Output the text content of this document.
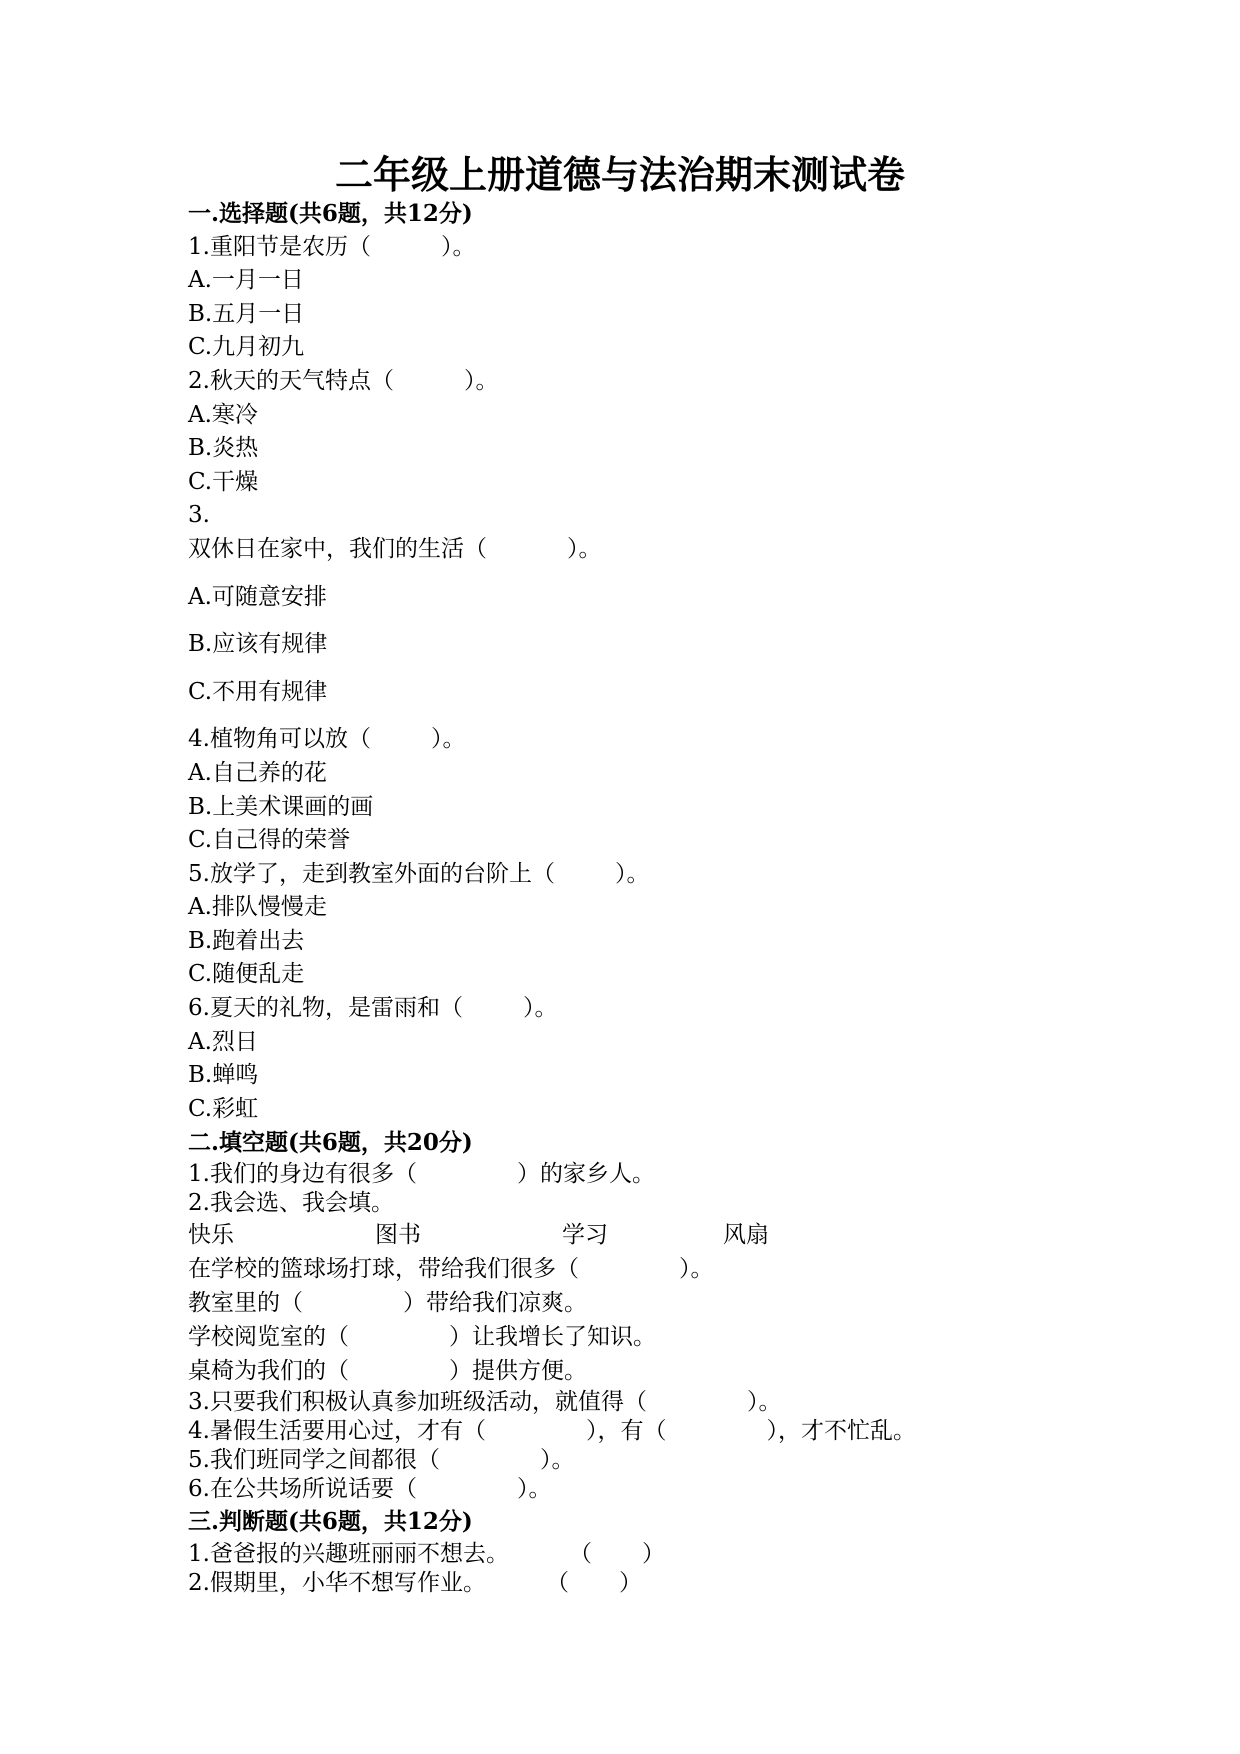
二年级上册道德与法治期末测试卷
一.选择题(共6题，共12分)
1.重阳节是农历（	）。
A.一月一日
B.五月一日
C.九月初九
2.秋天的天气特点（	）。
A.寒冷
B.炎热
C.干燥
3.
双休日在家中，我们的生活（	）。
A.可随意安排
B.应该有规律
C.不用有规律
4.植物角可以放（	）。
A.自己养的花
B.上美术课画的画
C.自己得的荣誉
5.放学了，走到教室外面的台阶上（	）。
A.排队慢慢走
B.跑着出去
C.随便乱走
6.夏天的礼物，是雷雨和（	）。
A.烈日
B.蝉鸣
C.彩虹
二.填空题(共6题，共20分)
1.我们的身边有很多（	）的家乡人。
2.我会选、我会填。
快乐	图书	学习	风扇
在学校的篮球场打球，带给我们很多（	）。
教室里的（	）带给我们凉爽。
学校阅览室的（	）让我增长了知识。
桌椅为我们的（	）提供方便。
3.只要我们积极认真参加班级活动，就值得（	）。
4.暑假生活要用心过，才有（	），有（	），才不忙乱。
5.我们班同学之间都很（	）。
6.在公共场所说话要（	）。
三.判断题(共6题，共12分)
1.爸爸报的兴趣班丽丽不想去。	（ ）
2.假期里，小华不想写作业。	（ ）
